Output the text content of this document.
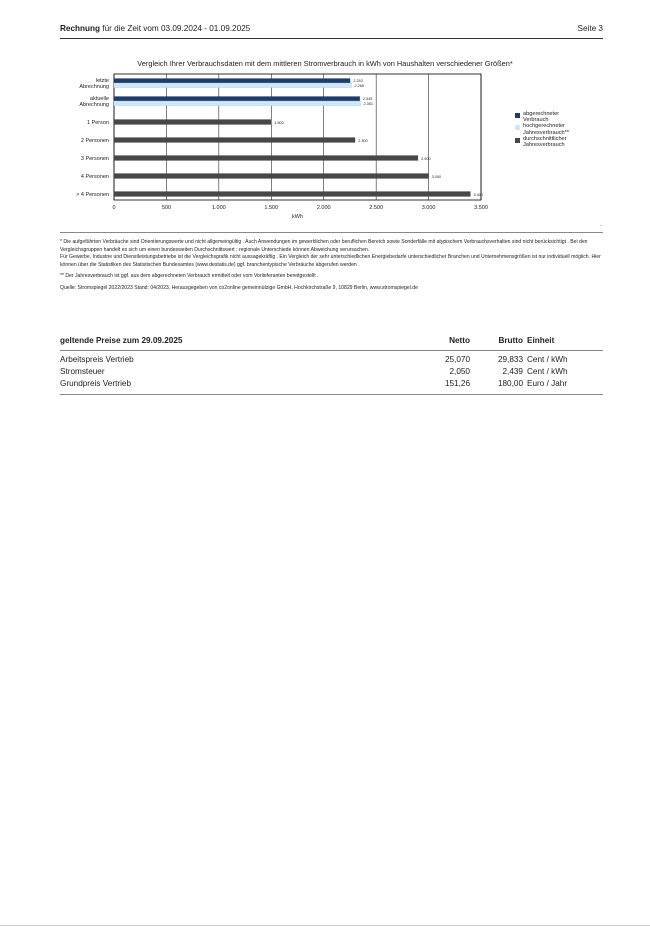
Rechnung für die Zeit vom 03.09.2024 - 01.09.2025	Seite 3
Vergleich Ihrer Verbrauchsdaten mit dem mittleren Stromverbrauch in kWh von Haushalten verschiedener Größen*
0	500	1.000	1.500	2.000	2.500	3.000	3.500
kWh
letzte
Abrechnung
2.253
2.265
aktuelle
Abrechnung
2.345
2.351
1 Person	1.500
2 Personen	2.300
3 Personen	2.900
4 Personen	3.000
> 4 Personen	3.400
abgerechneter Verbrauch
hochgerechneter Jahresverbrauch**
durchschnittlicher Jahresverbrauch
-

* Die aufgeführten Verbräuche sind Orientierungswerte und nicht allgemeingültig . Auch Anwendungen im gewerblichen oder beruflichen Bereich sowie Sonderfälle mit atypischem Verbrauchsverhalten sind nicht berücksichtigt . Bei den Vergleichsgruppen handelt es sich um einen bundesweiten Durchschnittswert ; regionale Unterschiede können Abweichung verursachen.

Für Gewerbe, Industrie und Dienstleistungsbetriebe ist die Vergleichsgrafik nicht aussagekräftig . Ein Vergleich der sehr unterschiedlichen Energiebedarfe unterschiedlicher Branchen und Unternehmensgrößen ist nur individuell möglich. Hier können über die Statistiken des Statistischen Bundesamtes (www.destatis.de) ggf. branchentypische Verbräuche abgerufen werden .

** Der Jahresverbrauch ist ggf. aus dem abgerechneten Verbrauch ermittelt oder vom Vorlieferanten bereitgestellt .

Quelle: Stromspiegel 2022/2023 Stand: 04/2023, Herausgegeben von co2online gemeinnützige GmbH, Hochkirchstraße 9, 10829 Berlin, www.stromspiegel.de

geltende Preise zum 29.09.2025	Netto	Brutto Einheit
Arbeitspreis Vertrieb	25,070	29,833 Cent / kWh
Stromsteuer	2,050	2,439 Cent / kWh
Grundpreis Vertrieb	151,26	180,00 Euro / Jahr
